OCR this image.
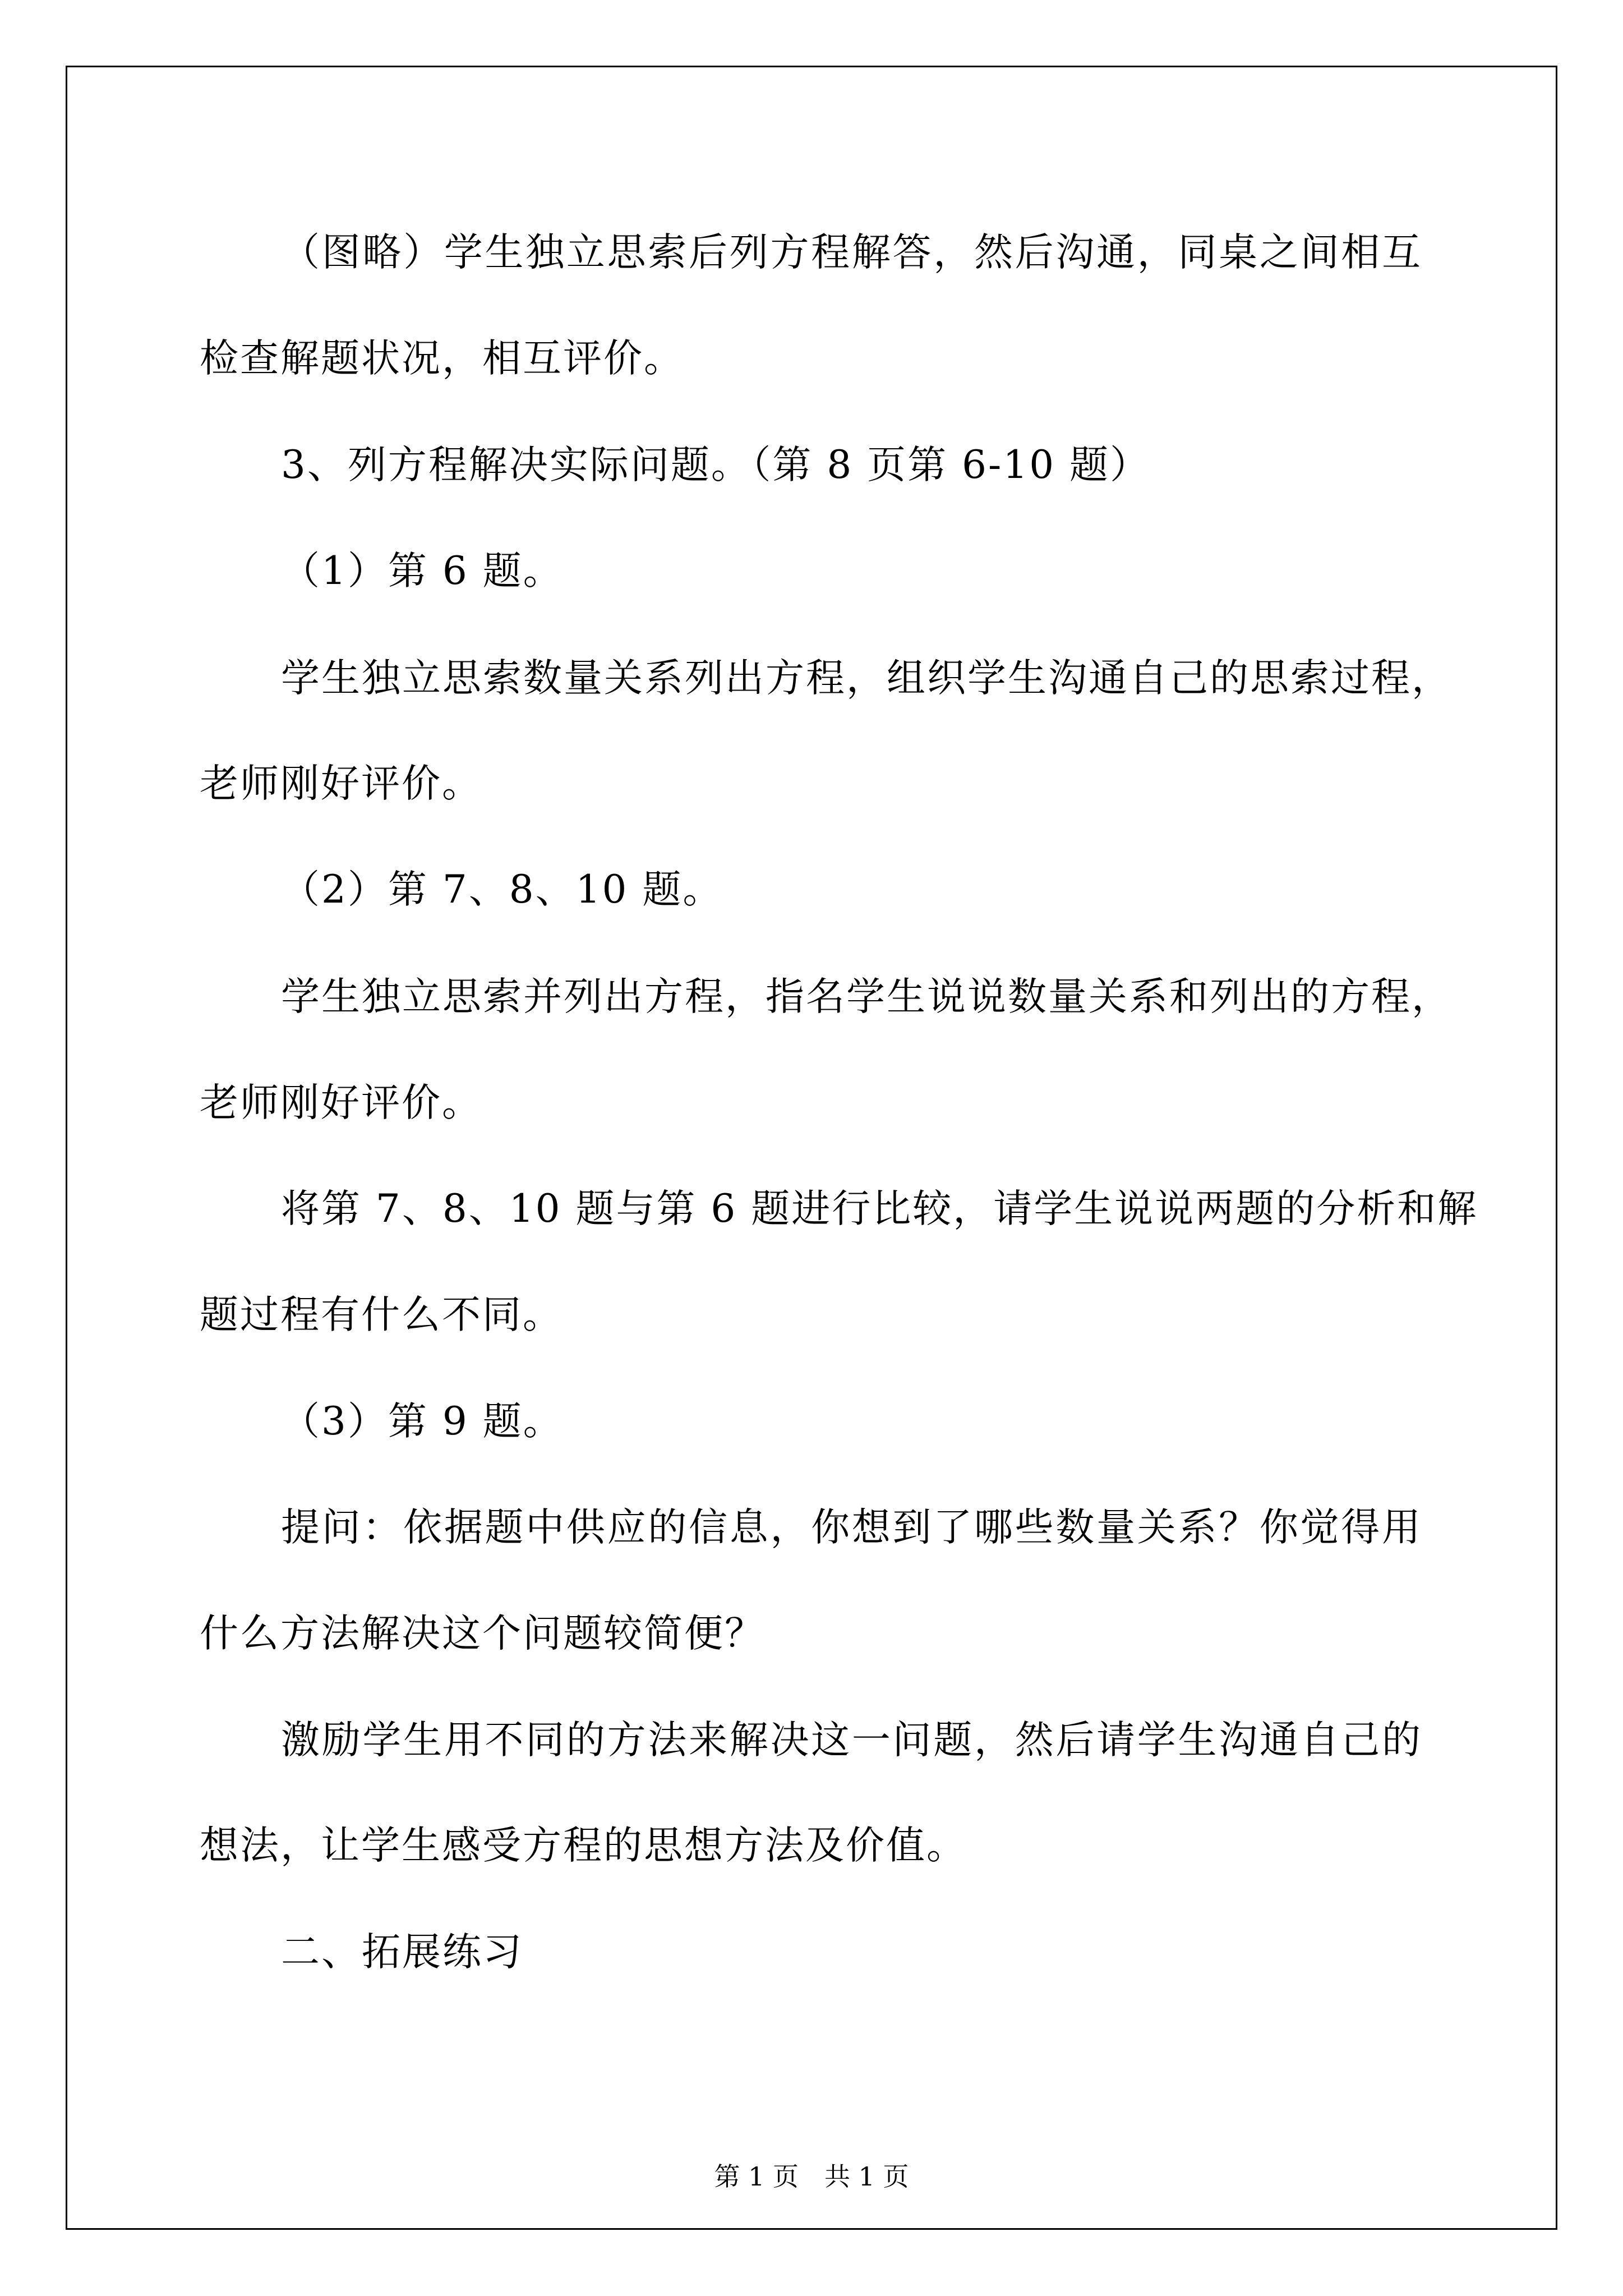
（图略）学生独立思索后列方程解答，然后沟通，同桌之间相互
检查解题状况，相互评价。
3、列方程解决实际问题。（第 8 页第 6-10 题）
（1）第 6 题。
学生独立思索数量关系列出方程，组织学生沟通自己的思索过程，
老师刚好评价。
（2）第 7、8、10 题。
学生独立思索并列出方程，指名学生说说数量关系和列出的方程，
老师刚好评价。
将第 7、8、10 题与第 6 题进行比较，请学生说说两题的分析和解
题过程有什么不同。
（3）第 9 题。
提问：依据题中供应的信息，你想到了哪些数量关系？你觉得用
什么方法解决这个问题较简便？
激励学生用不同的方法来解决这一问题，然后请学生沟通自己的
想法，让学生感受方程的思想方法及价值。
二、拓展练习
第 1 页　共 1 页
